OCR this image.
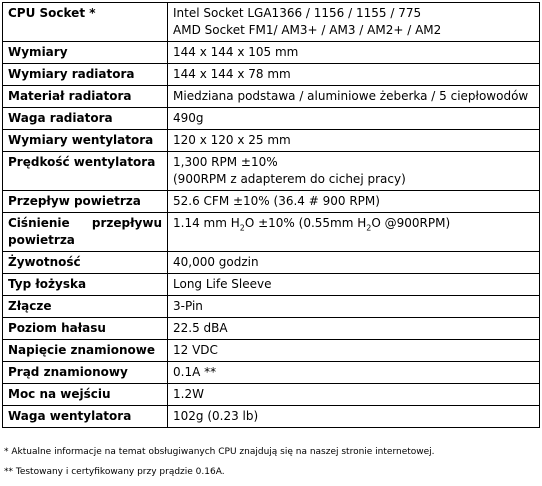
CPU Socket *	Intel Socket LGA1366 / 1156 / 1155 / 775
AMD Socket FM1/ AM3+ / AM3 / AM2+ / AM2

Wymiary	144 x 144 x 105 mm
Wymiary radiatora	144 x 144 x 78 mm
Materiał radiatora	Miedziana podstawa / aluminiowe żeberka / 5 ciepłowodów
Waga radiatora	490g
Wymiary wentylatora	120 x 120 x 25 mm
Prędkość wentylatora	1,300 RPM ±10%
(900RPM z adapterem do cichej pracy)

Przepływ powietrza	52.6 CFM ±10% (36.4 # 900 RPM)

Ciśnienie przepływu
powietrza	1.14 mm $H_2O \pm 10\%$ (0.55mm $H_2O$ @900RPM)
Żywotność	40,000 godzin
Typ łożyska	Long Life Sleeve
Złącze	3-Pin
Poziom hałasu	22.5 dBA
Napięcie znamionowe	12 VDC
Prąd znamionowy	0.1A **
Moc na wejściu	1.2W
Waga wentylatora	102g (0.23 lb)

* Aktualne informacje na temat obsługiwanych CPU znajdują się na naszej stronie internetowej.

** Testowany i certyfikowany przy prądzie 0.16A.
